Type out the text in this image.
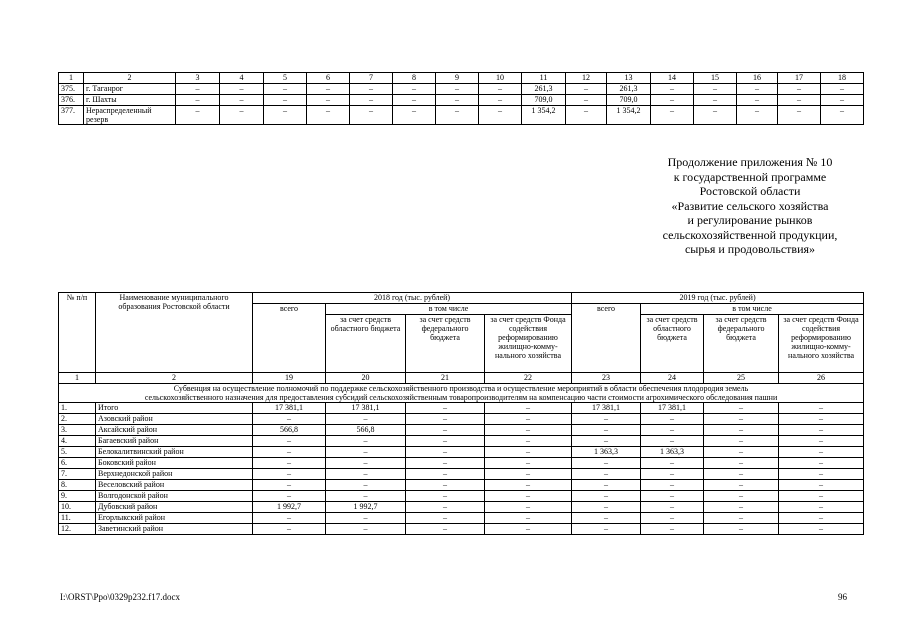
1	2	3	4	5	6	7	8	9	10	11	12	13	14	15	16	17	18
375.	г. Таганрог	–	–	–	–	–	–	–	–	261,3	–	261,3	–	–	–	–	–
376.	г. Шахты	–	–	–	–	–	–	–	–	709,0	–	709,0	–	–	–	–	–
377.	Нераспределенный резерв	–	–	–	–	–	–	–	–	1 354,2	–	1 354,2	–	–	–	–	–
Продолжение приложения № 10
к государственной программе
Ростовской области
«Развитие сельского хозяйства
и регулирование рынков
сельскохозяйственной продукции,
сырья и продовольствия»
№ п/п	Наименование муниципального образования Ростовской области	2018 год (тыс. рублей)				2019 год (тыс. рублей)			
		всего	в том числе			всего	в том числе		
			за счет средств областного бюджета	за счет средств федерального бюджета	за счет средств Фонда содействия реформированию жилищно-комму-нального хозяйства		за счет средств областного бюджета	за счет средств федерального бюджета	за счет средств Фонда содействия реформированию жилищно-комму-нального хозяйства
1	2	19	20	21	22	23	24	25	26
Субвенция на осуществление полномочий по поддержке сельскохозяйственного производства и осуществление мероприятий в области обеспечения плодородия земель сельскохозяйственного назначения для предоставления субсидий сельскохозяйственным товаропроизводителям на компенсацию части стоимости агрохимического обследования пашни									
1.	Итого	17 381,1	17 381,1	–	–	17 381,1	17 381,1	–	–
2.	Азовский район	–	–	–	–	–	–	–	–
3.	Аксайский район	566,8	566,8	–	–	–	–	–	–
4.	Багаевский район	–	–	–	–	–	–	–	–
5.	Белокалитвинский район	–	–	–	–	1 363,3	1 363,3	–	–
6.	Боковский район	–	–	–	–	–	–	–	–
7.	Верхнедонской район	–	–	–	–	–	–	–	–
8.	Веселовский район	–	–	–	–	–	–	–	–
9.	Волгодонской район	–	–	–	–	–	–	–	–
10.	Дубовский район	1 992,7	1 992,7	–	–	–	–	–	–
11.	Егорлыкский район	–	–	–	–	–	–	–	–
12.	Заветинский район	–	–	–	–	–	–	–	–
I:\ORST\Ppo\0329p232.f17.docx	96
